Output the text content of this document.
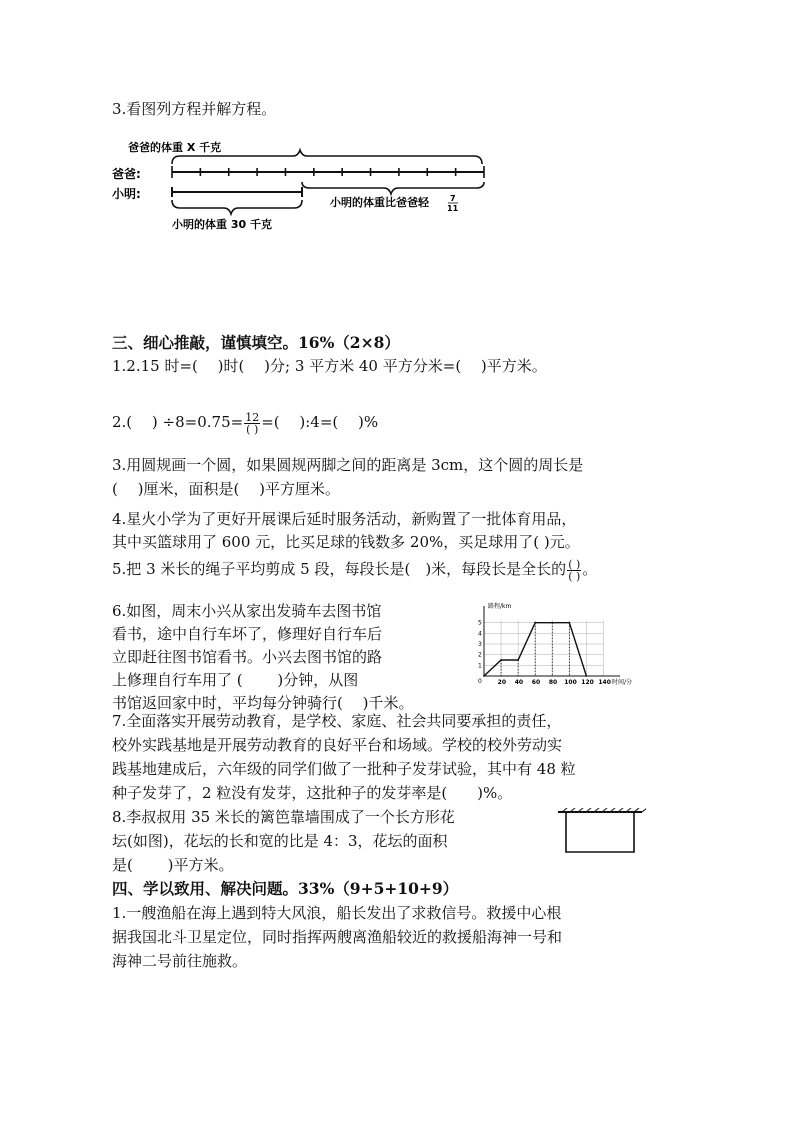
3.看图列方程并解方程。
爸爸的体重 X 千克
爸爸:
小明:
小明的体重比爸爸轻	7
11
小明的体重 30 千克
三、细心推敲，谨慎填空。16%（2×8）
1.2.15 时=(　 )时(　 )分; 3 平方米 40 平方分米=(　 )平方米。
2.(　 ) $\div 8=0.75= \frac{12}{( )}$ =(　 ):4=(　 )%
3.用圆规画一个圆，如果圆规两脚之间的距离是 3cm，这个圆的周长是
(　 )厘米，面积是(　 )平方厘米。
4.星火小学为了更好开展课后延时服务活动，新购置了一批体育用品，
其中买篮球用了 600 元，比买足球的钱数多 20%，买足球用了( )元。
5.把 3 米长的绳子平均剪成 5 段，每段长是(　)米，每段长是全长的 $\frac{( )}{( )}$ 。
6.如图，周末小兴从家出发骑车去图书馆
看书，途中自行车坏了，修理好自行车后
立即赶往图书馆看书。小兴去图书馆的路
上修理自行车用了 (　　 )分钟，从图
书馆返回家中时，平均每分钟骑行(　 )千米。
路程/km
时间/分
1
2
3
4
5
20 40 60 80 100 120 140
0
7.全面落实开展劳动教育，是学校、家庭、社会共同要承担的责任，
校外实践基地是开展劳动教育的良好平台和场域。学校的校外劳动实
践基地建成后，六年级的同学们做了一批种子发芽试验，其中有 48 粒
种子发芽了，2 粒没有发芽，这批种子的发芽率是(　　)%。
8.李叔叔用 35 米长的篱笆靠墙围成了一个长方形花
坛(如图)，花坛的长和宽的比是 4：3，花坛的面积
是(　　 )平方米。
四、学以致用、解决问题。33%（9+5+10+9）
1.一艘渔船在海上遇到特大风浪，船长发出了求救信号。救援中心根
据我国北斗卫星定位，同时指挥两艘离渔船较近的救援船海神一号和
海神二号前往施救。
